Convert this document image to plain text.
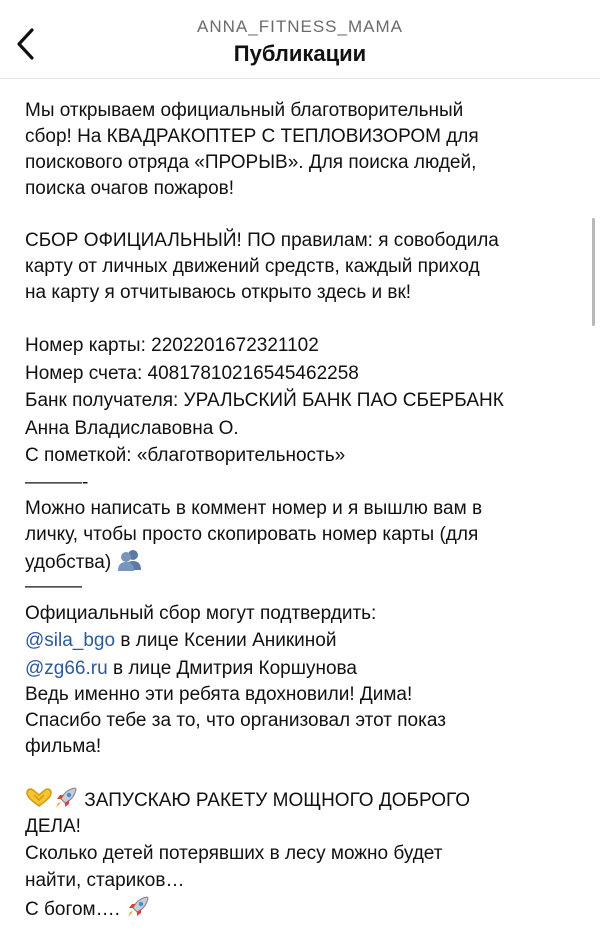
ANNA_FITNESS_MAMA
Публикации
Мы открываем официальный благотворительный
сбор! На КВАДРАКОПТЕР С ТЕПЛОВИЗОРОМ для
поискового отряда «ПРОРЫВ». Для поиска людей,
поиска очагов пожаров!
СБОР ОФИЦИАЛЬНЫЙ! ПО правилам: я совободила
карту от личных движений средств, каждый приход
на карту я отчитываюсь открыто здесь и вк!
Номер карты: 2202201672321102
Номер счета: 40817810216545462258
Банк получателя: УРАЛЬСКИЙ БАНК ПАО СБЕРБАНК
Анна Владиславовна О.
С пометкой: «благотворительность»
———-
Можно написать в коммент номер и я вышлю вам в
личку, чтобы просто скопировать номер карты (для
удобства)
———
Официальный сбор могут подтвердить:
@sila_bgo в лице Ксении Аникиной
@zg66.ru в лице Дмитрия Коршунова
Ведь именно эти ребята вдохновили! Дима!
Спасибо тебе за то, что организовал этот показ
фильма!
ЗАПУСКАЮ РАКЕТУ МОЩНОГО ДОБРОГО
ДЕЛА!
Сколько детей потерявших в лесу можно будет
найти, стариков…
С богом….
